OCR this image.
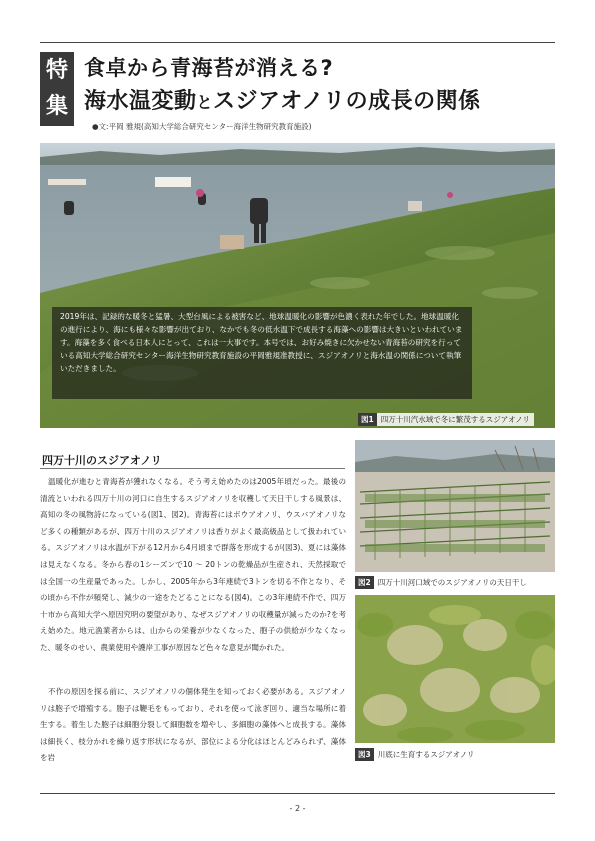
特
集
食卓から青海苔が消える?
海水温変動とスジアオノリの成長の関係
●文:平岡 雅規(高知大学総合研究センター海洋生物研究教育施設)
2019年は、記録的な暖冬と猛暑、大型台風による被害など、地球温暖化の影響が色濃く表れた年でした。地球温暖化の進行により、海にも様々な影響が出ており、なかでも冬の低水温下で成長する海藻への影響は大きいといわれています。海藻を多く食べる日本人にとって、これは一大事です。本号では、お好み焼きに欠かせない青海苔の研究を行っている高知大学総合研究センター海洋生物研究教育施設の平岡雅規准教授に、スジアオノリと海水温の関係について執筆いただきました。
図1 四万十川汽水域で冬に繁茂するスジアオノリ
四万十川のスジアオノリ

温暖化が進むと青海苔が獲れなくなる。そう考え始めたのは2005年頃だった。最後の清流といわれる四万十川の河口に自生するスジアオノリを収穫して天日干しする風景は、高知の冬の風物詩になっている(図1、図2)。青海苔にはボウアオノリ、ウスバアオノリなど多くの種類があるが、四万十川のスジアオノリは香りがよく最高級品として扱われている。スジアオノリは水温が下がる12月から4月頃まで群落を形成するが(図3)、夏には藻体は見えなくなる。冬から春の1シーズンで10 〜 20トンの乾燥品が生産され、天然採取では全国一の生産量であった。しかし、2005年から3年連続で3トンを切る不作となり、その頃から不作が頻発し、減少の一途をたどることになる(図4)。この3年連続不作で、四万十市から高知大学へ原因究明の要望があり、なぜスジアオノリの収穫量が減ったのか?を考え始めた。地元漁業者からは、山からの栄養が少なくなった、胞子の供給が少なくなった、暖冬のせい、農業使用や護岸工事が原因など色々な意見が聞かれた。

不作の原因を探る前に、スジアオノリの個体発生を知っておく必要がある。スジアオノリは胞子で増殖する。胞子は鞭毛をもっており、それを使って泳ぎ回り、適当な場所に着生する。着生した胞子は細胞分裂して細胞数を増やし、多細胞の藻体へと成長する。藻体は細長く、枝分かれを繰り返す形状になるが、部位による分化はほとんどみられず、藻体を岩

図2 四万十川河口域でのスジアオノリの天日干し
図3 川底に生育するスジアオノリ
- 2 -
